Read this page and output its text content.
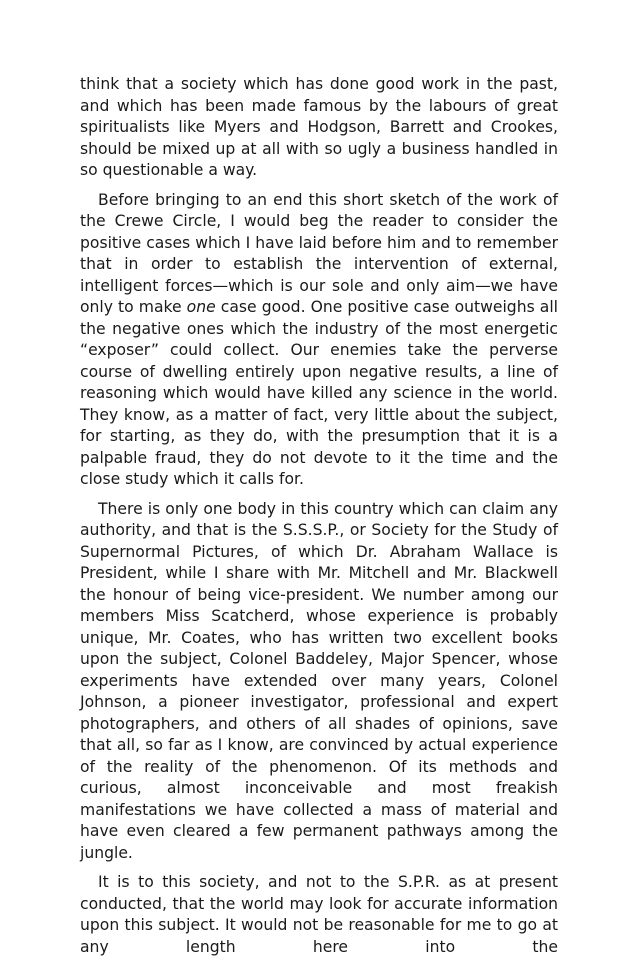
think that a society which has done good work in the past, and which has been made famous by the labours of great spiritualists like Myers and Hodgson, Barrett and Crookes, should be mixed up at all with so ugly a business handled in so questionable a way.

Before bringing to an end this short sketch of the work of the Crewe Circle, I would beg the reader to consider the positive cases which I have laid before him and to remember that in order to establish the intervention of external, intelligent forces—which is our sole and only aim—we have only to make one case good. One positive case outweighs all the negative ones which the industry of the most energetic “exposer” could collect. Our enemies take the perverse course of dwelling entirely upon negative results, a line of reasoning which would have killed any science in the world. They know, as a matter of fact, very little about the subject, for starting, as they do, with the presumption that it is a palpable fraud, they do not devote to it the time and the close study which it calls for.

There is only one body in this country which can claim any authority, and that is the S.S.S.P., or Society for the Study of Supernormal Pictures, of which Dr. Abraham Wallace is President, while I share with Mr. Mitchell and Mr. Blackwell the honour of being vice-president. We number among our members Miss Scatcherd, whose experience is probably unique, Mr. Coates, who has written two excellent books upon the subject, Colonel Baddeley, Major Spencer, whose experiments have extended over many years, Colonel Johnson, a pioneer investigator, professional and expert photographers, and others of all shades of opinions, save that all, so far as I know, are convinced by actual experience of the reality of the phenomenon. Of its methods and curious, almost inconceivable and most freakish manifestations we have collected a mass of material and have even cleared a few permanent pathways among the jungle.

It is to this society, and not to the S.P.R. as at present conducted, that the world may look for accurate information upon this subject. It would not be reasonable for me to go at any length here into the
